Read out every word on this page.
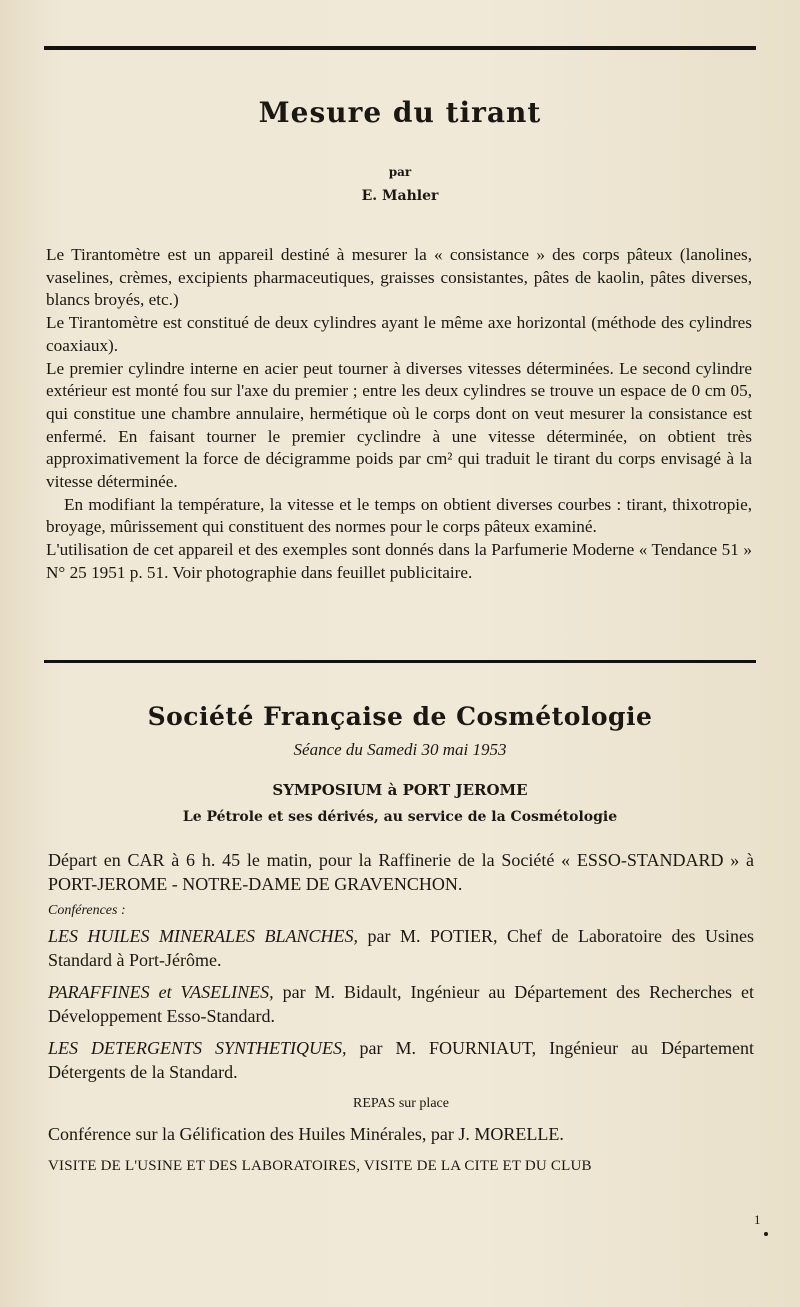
Mesure du tirant
par
E. Mahler

Le Tirantomètre est un appareil destiné à mesurer la « consistance » des corps pâteux (lanolines, vaselines, crèmes, excipients pharmaceutiques, graisses consistantes, pâtes de kaolin, pâtes diverses, blancs broyés, etc.)

Le Tirantomètre est constitué de deux cylindres ayant le même axe horizontal (méthode des cylindres coaxiaux).

Le premier cylindre interne en acier peut tourner à diverses vitesses déterminées. Le second cylindre extérieur est monté fou sur l'axe du premier ; entre les deux cylindres se trouve un espace de 0 cm 05, qui constitue une chambre annulaire, hermétique où le corps dont on veut mesurer la consistance est enfermé. En faisant tourner le premier cyclindre à une vitesse déterminée, on obtient très approximativement la force de décigramme poids par cm² qui traduit le tirant du corps envisagé à la vitesse déterminée.

En modifiant la température, la vitesse et le temps on obtient diverses courbes : tirant, thixotropie, broyage, mûrissement qui constituent des normes pour le corps pâteux examiné.

L'utilisation de cet appareil et des exemples sont donnés dans la Parfumerie Moderne « Tendance 51 » N° 25 1951 p. 51. Voir photographie dans feuillet publicitaire.

Société Française de Cosmétologie
Séance du Samedi 30 mai 1953
SYMPOSIUM à PORT JEROME
Le Pétrole et ses dérivés, au service de la Cosmétologie

Départ en CAR à 6 h. 45 le matin, pour la Raffinerie de la Société « ESSO-STANDARD » à PORT-JEROME - NOTRE-DAME DE GRAVENCHON.

Conférences :

LES HUILES MINERALES BLANCHES, par M. POTIER, Chef de Laboratoire des Usines Standard à Port-Jérôme.

PARAFFINES et VASELINES, par M. Bidault, Ingénieur au Département des Recherches et Développement Esso-Standard.

LES DETERGENTS SYNTHETIQUES, par M. FOURNIAUT, Ingénieur au Département Détergents de la Standard.

REPAS sur place

Conférence sur la Gélification des Huiles Minérales, par J. MORELLE.

VISITE DE L'USINE ET DES LABORATOIRES, VISITE DE LA CITE ET DU CLUB

1
